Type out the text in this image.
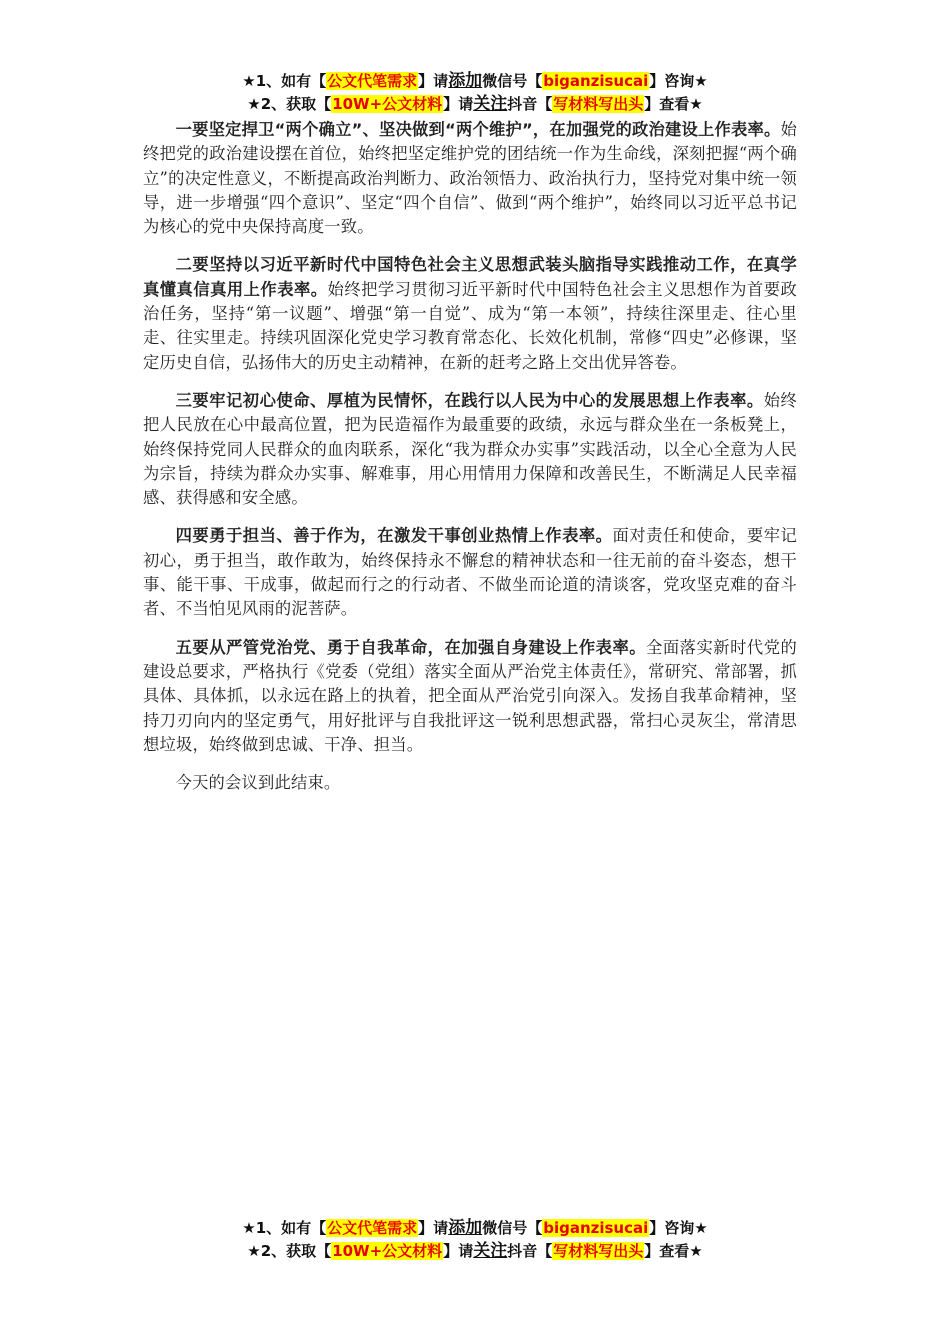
★1、如有【公文代笔需求】请添加微信号【biganzisucai】咨询★
★2、获取【10W+公文材料】请关注抖音【写材料写出头】查看★

一要坚定捍卫“两个确立”、坚决做到“两个维护”，在加强党的政治建设上作表率。始终把党的政治建设摆在首位，始终把坚定维护党的团结统一作为生命线，深刻把握“两个确立”的决定性意义，不断提高政治判断力、政治领悟力、政治执行力，坚持党对集中统一领导，进一步增强“四个意识”、坚定“四个自信”、做到“两个维护”，始终同以习近平总书记为核心的党中央保持高度一致。

二要坚持以习近平新时代中国特色社会主义思想武装头脑指导实践推动工作，在真学真懂真信真用上作表率。始终把学习贯彻习近平新时代中国特色社会主义思想作为首要政治任务，坚持“第一议题”、增强“第一自觉”、成为“第一本领”，持续往深里走、往心里走、往实里走。持续巩固深化党史学习教育常态化、长效化机制，常修“四史”必修课，坚定历史自信，弘扬伟大的历史主动精神，在新的赶考之路上交出优异答卷。

三要牢记初心使命、厚植为民情怀，在践行以人民为中心的发展思想上作表率。始终把人民放在心中最高位置，把为民造福作为最重要的政绩，永远与群众坐在一条板凳上，始终保持党同人民群众的血肉联系，深化“我为群众办实事”实践活动，以全心全意为人民为宗旨，持续为群众办实事、解难事，用心用情用力保障和改善民生，不断满足人民幸福感、获得感和安全感。

四要勇于担当、善于作为，在激发干事创业热情上作表率。面对责任和使命，要牢记初心，勇于担当，敢作敢为，始终保持永不懈怠的精神状态和一往无前的奋斗姿态，想干事、能干事、干成事，做起而行之的行动者、不做坐而论道的清谈客，党攻坚克难的奋斗者、不当怕见风雨的泥菩萨。

五要从严管党治党、勇于自我革命，在加强自身建设上作表率。全面落实新时代党的建设总要求，严格执行《党委（党组）落实全面从严治党主体责任》，常研究、常部署，抓具体、具体抓，以永远在路上的执着，把全面从严治党引向深入。发扬自我革命精神，坚持刀刃向内的坚定勇气，用好批评与自我批评这一锐利思想武器，常扫心灵灰尘，常清思想垃圾，始终做到忠诚、干净、担当。

今天的会议到此结束。

★1、如有【公文代笔需求】请添加微信号【biganzisucai】咨询★
★2、获取【10W+公文材料】请关注抖音【写材料写出头】查看★
